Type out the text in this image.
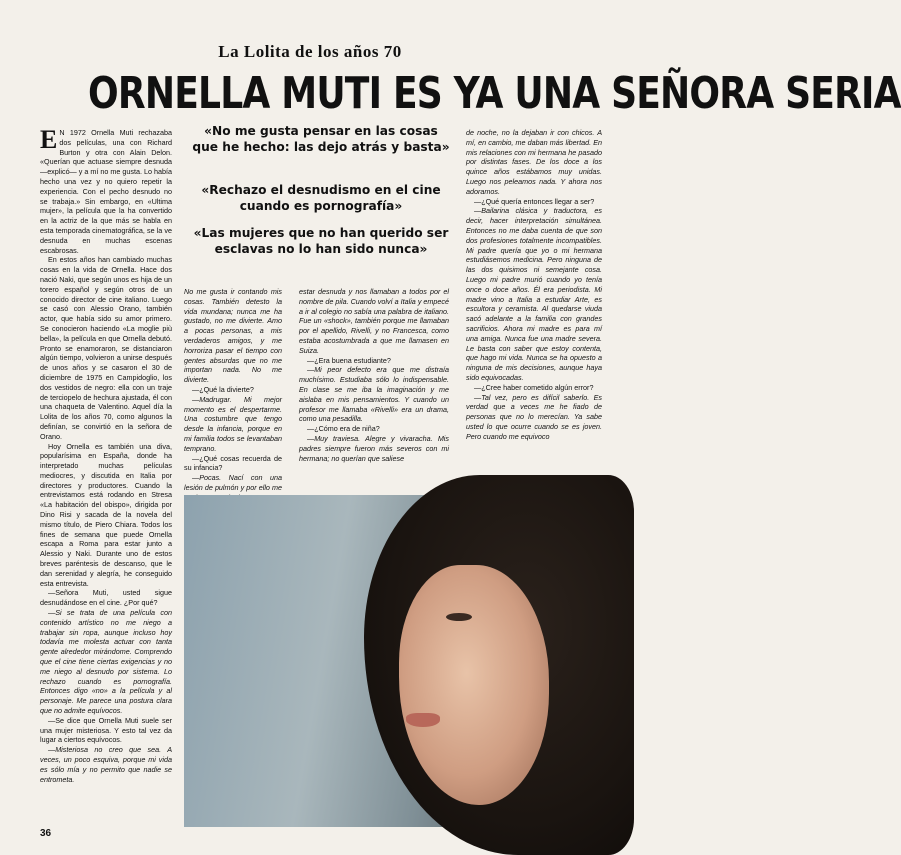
La Lolita de los años 70
ORNELLA MUTI ES YA UNA SEÑORA SERIA

E N 1972 Ornella Muti rechazaba dos películas, una con Richard Burton y otra con Alain Delon. «Querían que actuase siempre desnuda —explicó— y a mí no me gusta. Lo había hecho una vez y no quiero repetir la experiencia. Con el pecho desnudo no se trabaja.» Sin embargo, en «Ultima mujer», la película que la ha convertido en la actriz de la que más se habla en esta temporada cinematográfica, se la ve desnuda en muchas escenas escabrosas.

En estos años han cambiado muchas cosas en la vida de Ornella. Hace dos nació Naki, que según unos es hija de un torero español y según otros de un conocido director de cine italiano. Luego se casó con Alessio Orano, también actor, que había sido su amor primero. Se conocieron haciendo «La moglie più bella», la película en que Ornella debutó. Pronto se enamoraron, se distanciaron algún tiempo, volvieron a unirse después de unos años y se casaron el 30 de diciembre de 1975 en Campidoglio, los dos vestidos de negro: ella con un traje de terciopelo de hechura ajustada, él con una chaqueta de Valentino. Aquel día la Lolita de los años 70, como algunos la definían, se convirtió en la señora de Orano.

Hoy Ornella es también una diva, popularísima en España, donde ha interpretado muchas películas mediocres, y discutida en Italia por directores y productores. Cuando la entrevistamos está rodando en Stresa «La habitación del obispo», dirigida por Dino Risi y sacada de la novela del mismo título, de Piero Chiara. Todos los fines de semana que puede Ornella escapa a Roma para estar junto a Alessio y Naki. Durante uno de estos breves paréntesis de descanso, que le dan serenidad y alegría, he conseguido esta entrevista.

—Señora Muti, usted sigue desnudándose en el cine. ¿Por qué?

—Si se trata de una película con contenido artístico no me niego a trabajar sin ropa, aunque incluso hoy todavía me molesta actuar con tanta gente alrededor mirándome. Comprendo que el cine tiene ciertas exigencias y no me niego al desnudo por sistema. Lo rechazo cuando es pornografía. Entonces digo «no» a la película y al personaje. Me parece una postura clara que no admite equívocos.

—Se dice que Ornella Muti suele ser una mujer misteriosa. Y esto tal vez da lugar a ciertos equívocos.

—Misteriosa no creo que sea. A veces, un poco esquiva, porque mi vida es sólo mía y no permito que nadie se entrometa.

«No me gusta pensar en las cosas que he hecho: las dejo atrás y basta»
«Rechazo el desnudismo en el cine cuando es pornografía»
«Las mujeres que no han querido ser esclavas no lo han sido nunca»

No me gusta ir contando mis cosas. También detesto la vida mundana; nunca me ha gustado, no me divierte. Amo a pocas personas, a mis verdaderos amigos, y me horroriza pasar el tiempo con gentes absurdas que no me importan nada. No me divierte.

—¿Qué la divierte?

—Madrugar. Mi mejor momento es el despertarme. Una costumbre que tengo desde la infancia, porque en mi familia todos se levantaban temprano.

—¿Qué cosas recuerda de su infancia?

—Pocas. Nací con una lesión de pulmón y por ello me

estar desnuda y nos llamaban a todos por el nombre de pila. Cuando volví a Italia y empecé a ir al colegio no sabía una palabra de italiano. Fue un «shock», también porque me llamaban por el apellido, Rivelli, y no Francesca, como estaba acostumbrada a que me llamasen en Suiza.

—¿Era buena estudiante?

—Mi peor defecto era que me distraía muchísimo. Estudiaba sólo lo indispensable. En clase se me iba la imaginación y me aislaba en mis pensamientos. Y cuando un profesor me llamaba «Rivelli» era un drama, como una pesadilla.

—¿Cómo era de niña?

—Muy traviesa. Alegre y vivaracha. Mis padres siempre fueron más severos con mi hermana; no querían que saliese

de noche, no la dejaban ir con chicos. A mí, en cambio, me daban más libertad. En mis relaciones con mi hermana he pasado por distintas fases. De los doce a los quince años estábamos muy unidas. Luego nos peleamos nada. Y ahora nos adoramos.

—¿Qué quería entonces llegar a ser?

—Bailarina clásica y traductora, es decir, hacer interpretación simultánea. Entonces no me daba cuenta de que son dos profesiones totalmente incompatibles. Mi padre quería que yo o mi hermana estudiásemos medicina. Pero ninguna de las dos quisimos ni semejante cosa. Luego mi padre murió cuando yo tenía once o doce años. Él era periodista. Mi madre vino a Italia a estudiar Arte, es escultora y ceramista. Al quedarse viuda sacó adelante a la familia con grandes sacrificios. Ahora mi madre es para mí una amiga. Nunca fue una madre severa. Le basta con saber que estoy contenta, que hago mi vida. Nunca se ha opuesto a ninguna de mis decisiones, aunque haya sido equivocadas.

—¿Cree haber cometido algún error?

—Tal vez, pero es difícil saberlo. Es verdad que a veces me he fiado de personas que no lo merecían. Ya sabe usted lo que ocurre cuando se es joven. Pero cuando me equivoco

36
